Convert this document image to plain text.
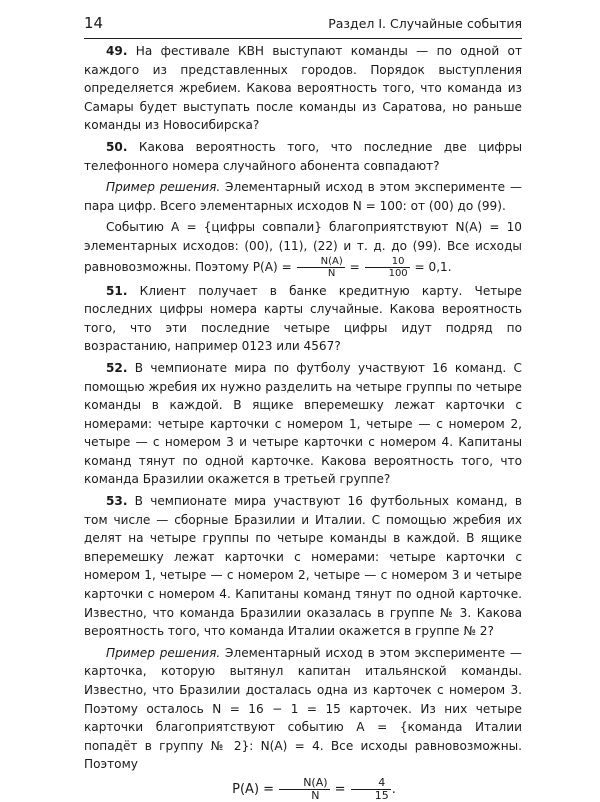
14	Раздел I. Случайные события

49. На фестивале КВН выступают команды — по одной от каждого из представленных городов. Порядок выступления определяется жребием. Какова вероятность того, что команда из Самары будет выступать после команды из Саратова, но раньше команды из Новосибирска?

50. Какова вероятность того, что последние две цифры телефонного номера случайного абонента совпадают?

Пример решения. Элементарный исход в этом эксперименте — пара цифр. Всего элементарных исходов N = 100: от (00) до (99).

Событию A = {цифры совпали} благоприятствуют N(A) = 10 элементарных исходов: (00), (11), (22) и т. д. до (99). Все исходы равновозможны. Поэтому $P(A) = \frac{N(A)}{N} = \frac{10}{100} = 0,1$.

51. Клиент получает в банке кредитную карту. Четыре последних цифры номера карты случайные. Какова вероятность того, что эти последние четыре цифры идут подряд по возрастанию, например 0123 или 4567?

52. В чемпионате мира по футболу участвуют 16 команд. С помощью жребия их нужно разделить на четыре группы по четыре команды в каждой. В ящике вперемешку лежат карточки с номерами: четыре карточки с номером 1, четыре — с номером 2, четыре — с номером 3 и четыре карточки с номером 4. Капитаны команд тянут по одной карточке. Какова вероятность того, что команда Бразилии окажется в третьей группе?

53. В чемпионате мира участвуют 16 футбольных команд, в том числе — сборные Бразилии и Италии. С помощью жребия их делят на четыре группы по четыре команды в каждой. В ящике вперемешку лежат карточки с номерами: четыре карточки с номером 1, четыре — с номером 2, четыре — с номером 3 и четыре карточки с номером 4. Капитаны команд тянут по одной карточке. Известно, что команда Бразилии оказалась в группе № 3. Какова вероятность того, что команда Италии окажется в группе № 2?

Пример решения. Элементарный исход в этом эксперименте — карточка, которую вытянул капитан итальянской команды. Известно, что Бразилии досталась одна из карточек с номером 3. Поэтому осталось N = 16 − 1 = 15 карточек. Из них четыре карточки благоприятствуют событию A = {команда Италии попадёт в группу № 2}: N(A) = 4. Все исходы равновозможны. Поэтому

$P(A) = \frac{N(A)}{N} = \frac{4}{15}$ .
